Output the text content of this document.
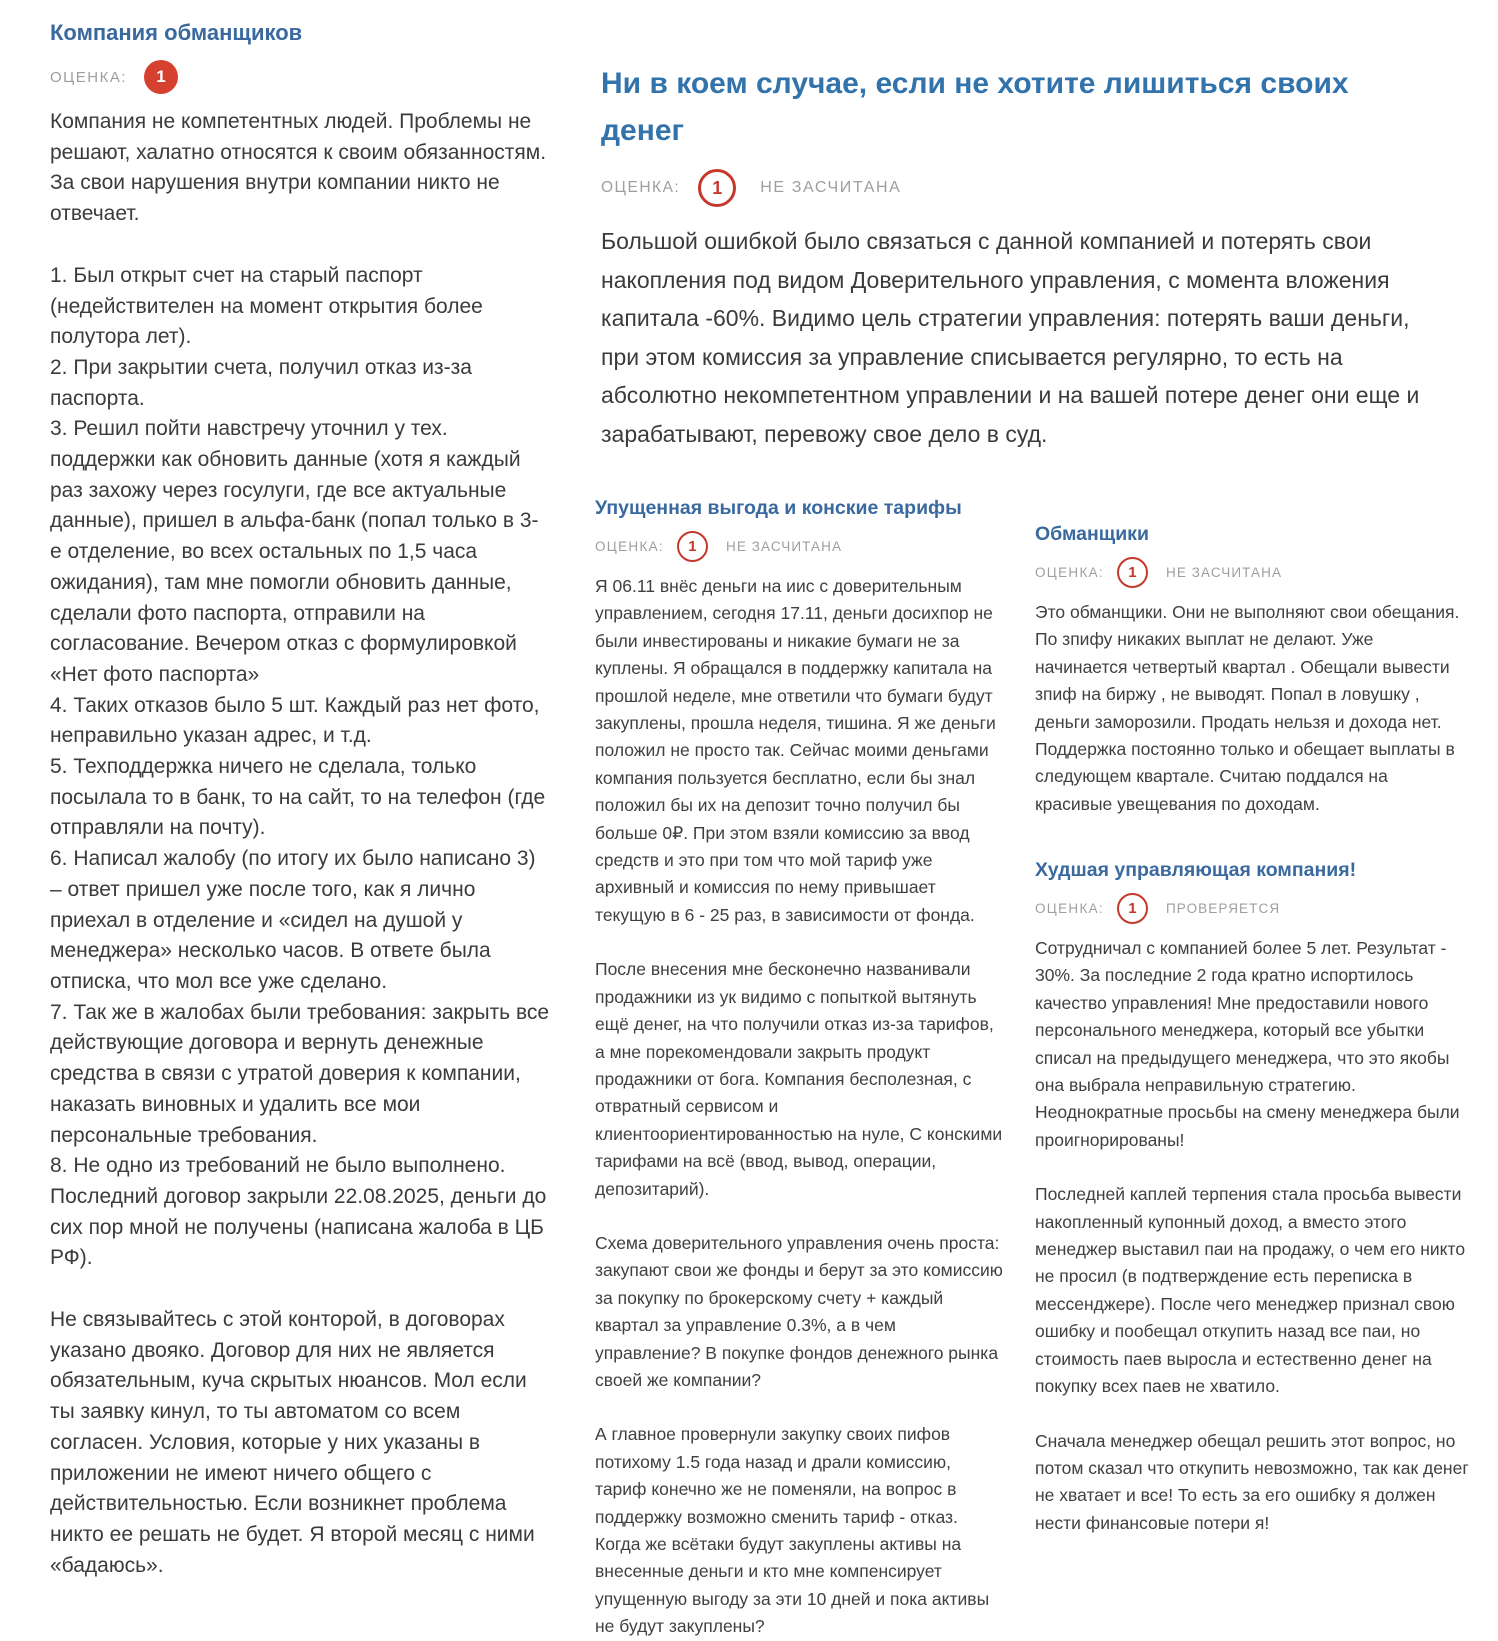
Компания обманщиков
ОЦЕНКА:	1

Компания не компетентных людей. Проблемы не решают, халатно относятся к своим обязанностям. За свои нарушения внутри компании никто не отвечает.

1. Был открыт счет на старый паспорт (недействителен на момент открытия более полутора лет).
2. При закрытии счета, получил отказ из-за паспорта.
3. Решил пойти навстречу уточнил у тех. поддержки как обновить данные (хотя я каждый раз захожу через госулуги, где все актуальные данные), пришел в альфа-банк (попал только в 3-е отделение, во всех остальных по 1,5 часа ожидания), там мне помогли обновить данные, сделали фото паспорта, отправили на согласование. Вечером отказ с формулировкой «Нет фото паспорта»
4. Таких отказов было 5 шт. Каждый раз нет фото, неправильно указан адрес, и т.д.
5. Техподдержка ничего не сделала, только посылала то в банк, то на сайт, то на телефон (где отправляли на почту).
6. Написал жалобу (по итогу их было написано 3) – ответ пришел уже после того, как я лично приехал в отделение и «сидел на душой у менеджера» несколько часов. В ответе была отписка, что мол все уже сделано.
7. Так же в жалобах были требования: закрыть все действующие договора и вернуть денежные средства в связи с утратой доверия к компании, наказать виновных и удалить все мои персональные требования.
8. Не одно из требований не было выполнено. Последний договор закрыли 22.08.2025, деньги до сих пор мной не получены (написана жалоба в ЦБ РФ).

Не связывайтесь с этой конторой, в договорах указано двояко. Договор для них не является обязательным, куча скрытых нюансов. Мол если ты заявку кинул, то ты автоматом со всем согласен. Условия, которые у них указаны в приложении не имеют ничего общего с действительностью. Если возникнет проблема никто ее решать не будет. Я второй месяц с ними «бадаюсь».

Ни в коем случае, если не хотите лишиться своих денег
ОЦЕНКА:	1	НЕ ЗАСЧИТАНА

Большой ошибкой было связаться с данной компанией и потерять свои накопления под видом Доверительного управления, с момента вложения капитала -60%. Видимо цель стратегии управления: потерять ваши деньги, при этом комиссия за управление списывается регулярно, то есть на абсолютно некомпетентном управлении и на вашей потере денег они еще и зарабатывают, перевожу свое дело в суд.

Упущенная выгода и конские тарифы
ОЦЕНКА:	1	НЕ ЗАСЧИТАНА

Я 06.11 внёс деньги на иис с доверительным управлением, сегодня 17.11, деньги досихпор не были инвестированы и никакие бумаги не за куплены. Я обращался в поддержку капитала на прошлой неделе, мне ответили что бумаги будут закуплены, прошла неделя, тишина. Я же деньги положил не просто так. Сейчас моими деньгами компания пользуется бесплатно, если бы знал положил бы их на депозит точно получил бы больше 0₽. При этом взяли комиссию за ввод средств и это при том что мой тариф уже архивный и комиссия по нему привышает текущую в 6 - 25 раз, в зависимости от фонда.

После внесения мне бесконечно названивали продажники из ук видимо с попыткой вытянуть ещё денег, на что получили отказ из-за тарифов, а мне порекомендовали закрыть продукт продажники от бога. Компания бесполезная, с отвратный сервисом и клиентоориентированностью на нуле, С конскими тарифами на всё (ввод, вывод, операции, депозитарий).

Схема доверительного управления очень проста: закупают свои же фонды и берут за это комиссию за покупку по брокерскому счету + каждый квартал за управление 0.3%, а в чем управление? В покупке фондов денежного рынка своей же компании?

А главное провернули закупку своих пифов потихому 1.5 года назад и драли комиссию, тариф конечно же не поменяли, на вопрос в поддержку возможно сменить тариф - отказ. Когда же всётаки будут закуплены активы на внесенные деньги и кто мне компенсирует упущенную выгоду за эти 10 дней и пока активы не будут закуплены?

Обманщики
ОЦЕНКА:	1	НЕ ЗАСЧИТАНА

Это обманщики. Они не выполняют свои обещания. По зпифу никаких выплат не делают. Уже начинается четвертый квартал . Обещали вывести зпиф на биржу , не выводят. Попал в ловушку , деньги заморозили. Продать нельзя и дохода нет. Поддержка постоянно только и обещает выплаты в следующем квартале. Считаю поддался на красивые увещевания по доходам.

Худшая управляющая компания!
ОЦЕНКА:	1	ПРОВЕРЯЕТСЯ

Сотрудничал с компанией более 5 лет. Результат - 30%. За последние 2 года кратно испортилось качество управления! Мне предоставили нового персонального менеджера, который все убытки списал на предыдущего менеджера, что это якобы она выбрала неправильную стратегию. Неоднократные просьбы на смену менеджера были проигнорированы!

Последней каплей терпения стала просьба вывести накопленный купонный доход, а вместо этого менеджер выставил паи на продажу, о чем его никто не просил (в подтверждение есть переписка в мессенджере). После чего менеджер признал свою ошибку и пообещал откупить назад все паи, но стоимость паев выросла и естественно денег на покупку всех паев не хватило.

Сначала менеджер обещал решить этот вопрос, но потом сказал что откупить невозможно, так как денег не хватает и все! То есть за его ошибку я должен нести финансовые потери я!
